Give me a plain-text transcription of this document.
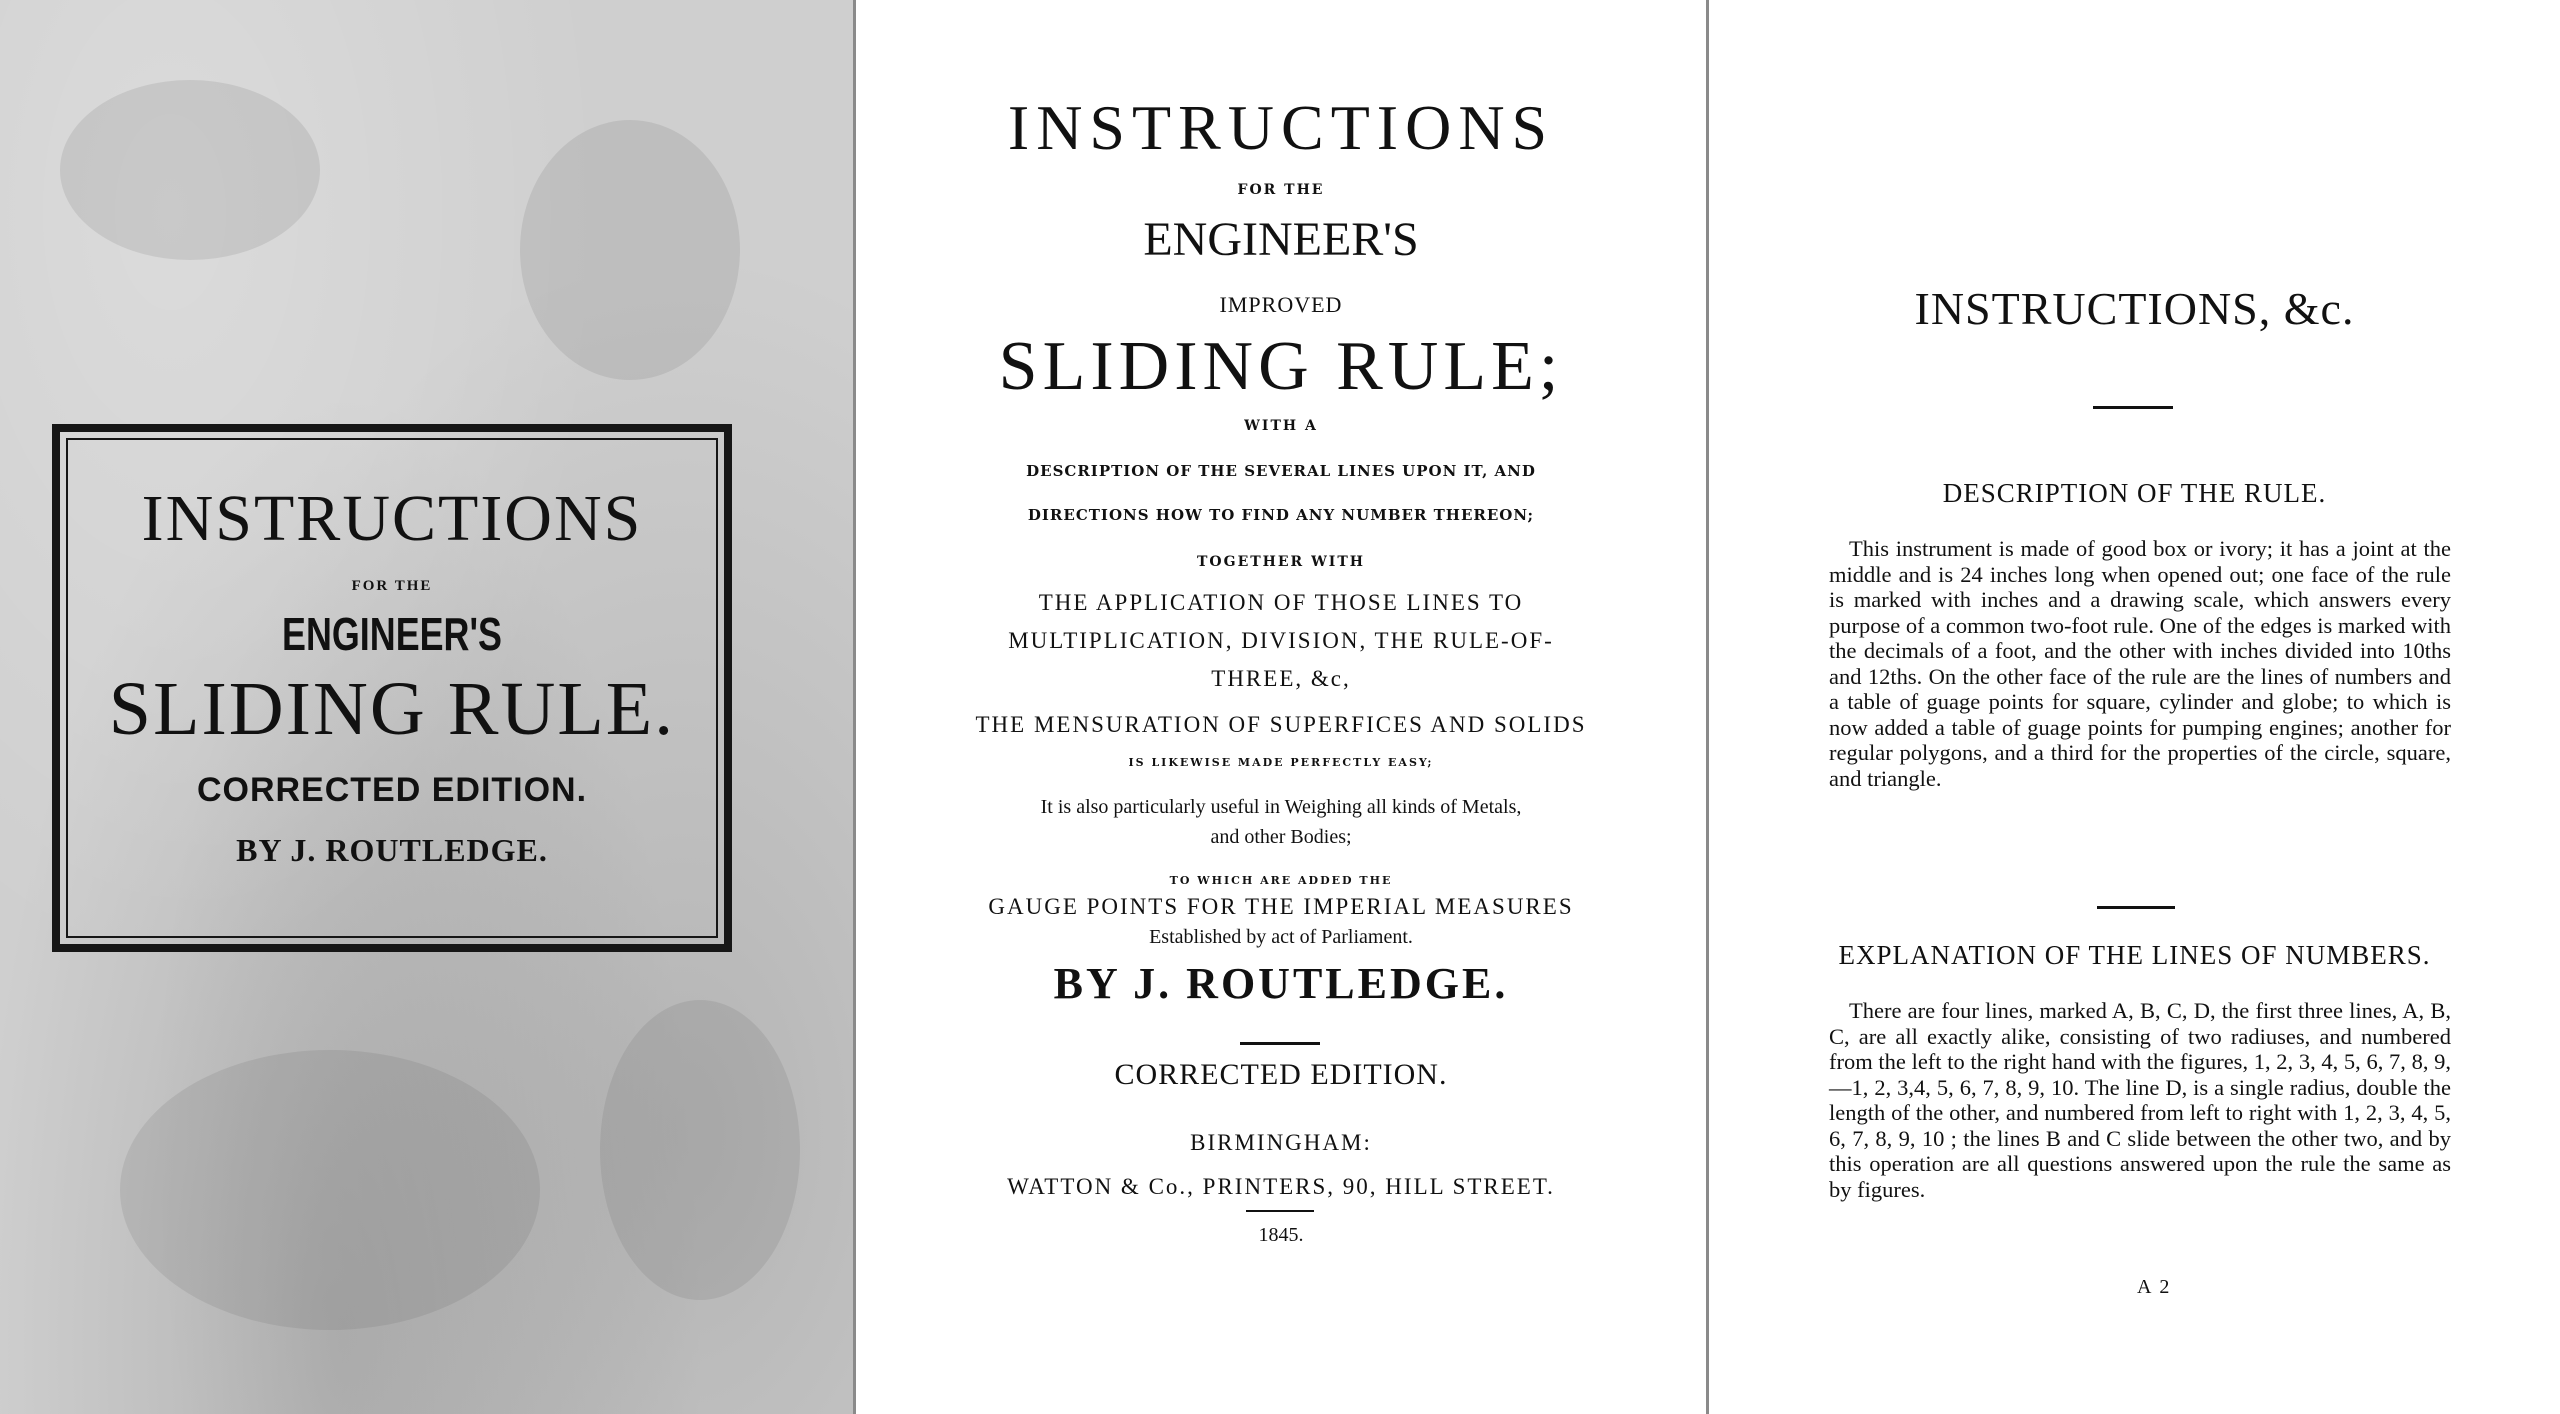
INSTRUCTIONS
FOR THE
ENGINEER'S
SLIDING RULE.
CORRECTED EDITION.
BY J. ROUTLEDGE.
INSTRUCTIONS
FOR THE
ENGINEER'S
IMPROVED
SLIDING RULE;
WITH A
DESCRIPTION OF THE SEVERAL LINES UPON IT, AND
DIRECTIONS HOW TO FIND ANY NUMBER THEREON;
TOGETHER WITH
THE APPLICATION OF THOSE LINES TO
MULTIPLICATION, DIVISION, THE RULE-OF-
THREE, &c,
THE MENSURATION OF SUPERFICES AND SOLIDS
IS LIKEWISE MADE PERFECTLY EASY;
It is also particularly useful in Weighing all kinds of Metals,
and other Bodies;
TO WHICH ARE ADDED THE
GAUGE POINTS FOR THE IMPERIAL MEASURES
Established by act of Parliament.
BY J. ROUTLEDGE.
CORRECTED EDITION.
BIRMINGHAM:
WATTON & Co., PRINTERS, 90, HILL STREET.
1845.
INSTRUCTIONS, &c.
DESCRIPTION OF THE RULE.
This instrument is made of good box or ivory; it has a joint at the middle and is 24 inches long when opened out; one face of the rule is marked with inches and a drawing scale, which answers every purpose of a common two-foot rule. One of the edges is marked with the decimals of a foot, and the other with inches divided into 10ths and 12ths. On the other face of the rule are the lines of numbers and a table of guage points for square, cylinder and globe; to which is now added a table of guage points for pumping engines; another for regular polygons, and a third for the properties of the circle, square, and triangle.
EXPLANATION OF THE LINES OF NUMBERS.
There are four lines, marked A, B, C, D, the first three lines, A, B, C, are all exactly alike, consisting of two radiuses, and numbered from the left to the right hand with the figures, 1, 2, 3, 4, 5, 6, 7, 8, 9,—1, 2, 3,4, 5, 6, 7, 8, 9, 10. The line D, is a single radius, double the length of the other, and numbered from left to right with 1, 2, 3, 4, 5, 6, 7, 8, 9, 10 ; the lines B and C slide between the other two, and by this operation are all questions answered upon the rule the same as by figures.
A 2
